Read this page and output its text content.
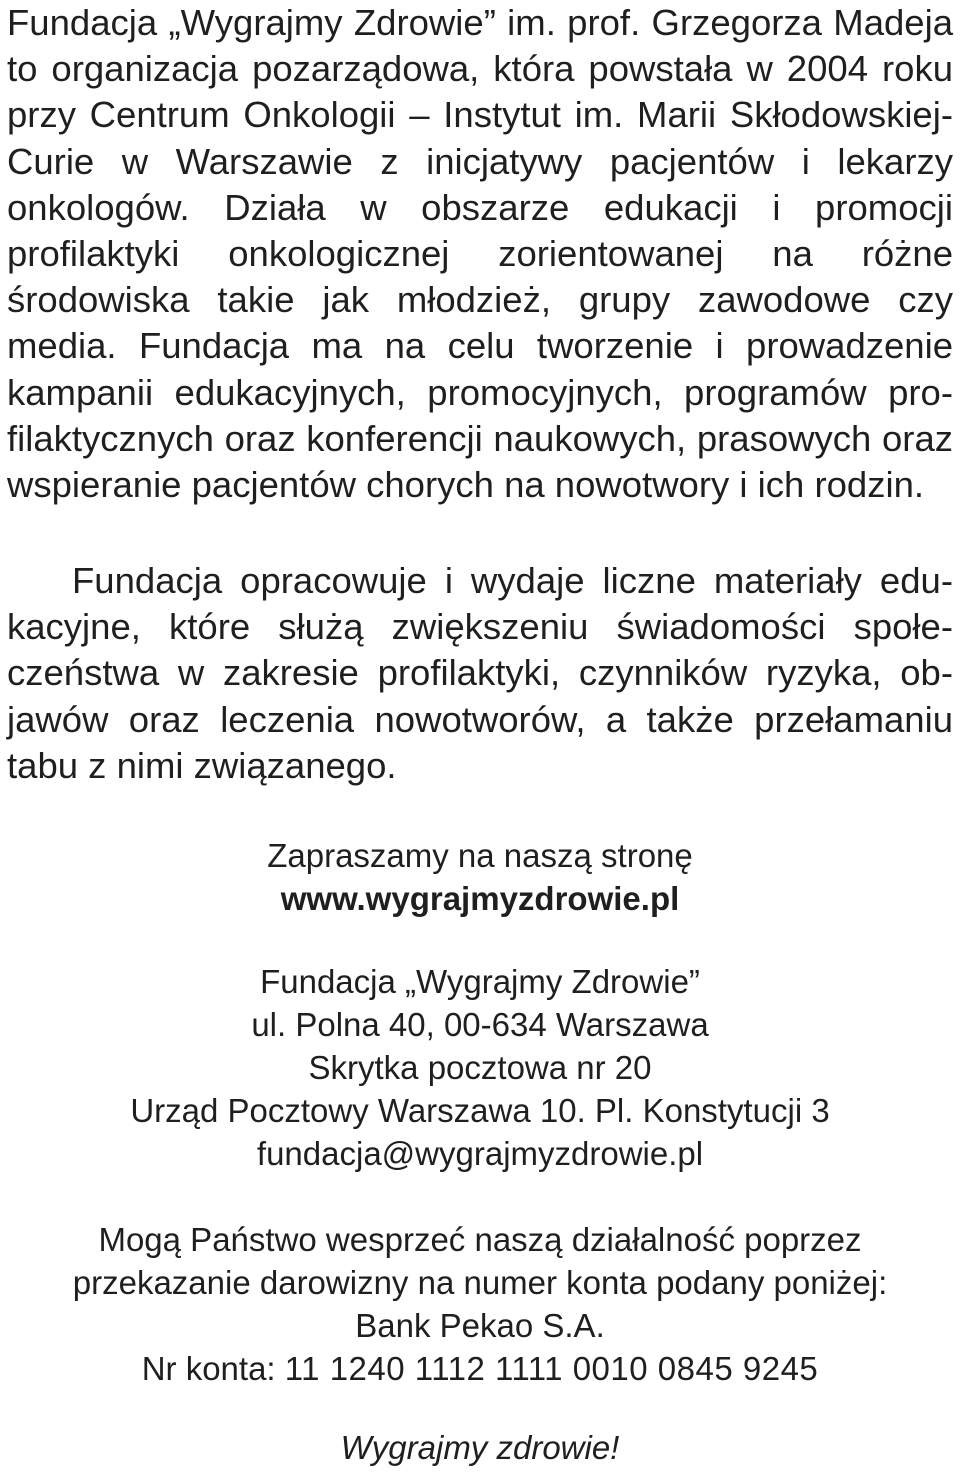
Fundacja „Wygrajmy Zdrowie” im. prof. Grzegorza Madeja to organizacja pozarządowa, która powstała w 2004 roku przy Centrum Onkologii – Instytut im. Marii Skłodowskiej-Curie w Warszawie z inicjatywy pacjentów i lekarzy onkologów. Działa w obszarze edukacji i promocji profilaktyki onkologicznej zorientowanej na różne środowiska takie jak młodzież, grupy zawodowe czy media. Fundacja ma na celu tworzenie i prowadzenie kampanii edukacyjnych, promocyjnych, programów profilaktycznych oraz konferencji naukowych, prasowych oraz wspieranie pacjentów chorych na nowotwory i ich rodzin.

Fundacja opracowuje i wydaje liczne materiały edukacyjne, które służą zwiększeniu świadomości społeczeństwa w zakresie profilaktyki, czynników ryzyka, objawów oraz leczenia nowotworów, a także przełamaniu tabu z nimi związanego.

Zapraszamy na naszą stronę
www.wygrajmyzdrowie.pl
Fundacja „Wygrajmy Zdrowie”
ul. Polna 40, 00-634 Warszawa
Skrytka pocztowa nr 20
Urząd Pocztowy Warszawa 10. Pl. Konstytucji 3
fundacja@wygrajmyzdrowie.pl
Mogą Państwo wesprzeć naszą działalność poprzez
przekazanie darowizny na numer konta podany poniżej:
Bank Pekao S.A.
Nr konta: 11 1240 1112 1111 0010 0845 9245
Wygrajmy zdrowie!
